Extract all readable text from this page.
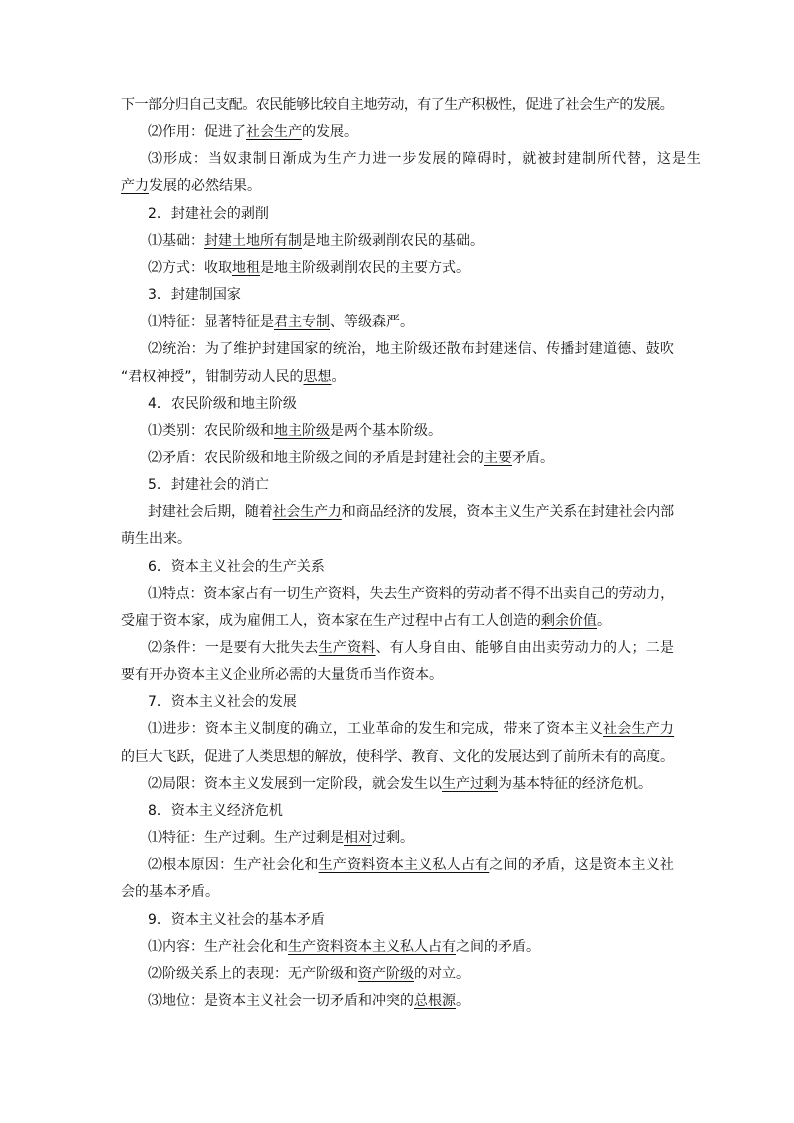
下一部分归自己支配。农民能够比较自主地劳动，有了生产积极性，促进了社会生产的发展。
⑵作用：促进了社会生产的发展。
⑶形成：当奴隶制日渐成为生产力进一步发展的障碍时，就被封建制所代替，这是生
产力发展的必然结果。
2．封建社会的剥削
⑴基础：封建土地所有制是地主阶级剥削农民的基础。
⑵方式：收取地租是地主阶级剥削农民的主要方式。
3．封建制国家
⑴特征：显著特征是君主专制、等级森严。
⑵统治：为了维护封建国家的统治，地主阶级还散布封建迷信、传播封建道德、鼓吹
“君权神授”，钳制劳动人民的思想。
4．农民阶级和地主阶级
⑴类别：农民阶级和地主阶级是两个基本阶级。
⑵矛盾：农民阶级和地主阶级之间的矛盾是封建社会的主要矛盾。
5．封建社会的消亡
封建社会后期，随着社会生产力和商品经济的发展，资本主义生产关系在封建社会内部
萌生出来。
6．资本主义社会的生产关系
⑴特点：资本家占有一切生产资料，失去生产资料的劳动者不得不出卖自己的劳动力，
受雇于资本家，成为雇佣工人，资本家在生产过程中占有工人创造的剩余价值。
⑵条件：一是要有大批失去生产资料、有人身自由、能够自由出卖劳动力的人；二是
要有开办资本主义企业所必需的大量货币当作资本。
7．资本主义社会的发展
⑴进步：资本主义制度的确立，工业革命的发生和完成，带来了资本主义社会生产力
的巨大飞跃，促进了人类思想的解放，使科学、教育、文化的发展达到了前所未有的高度。
⑵局限：资本主义发展到一定阶段，就会发生以生产过剩为基本特征的经济危机。
8．资本主义经济危机
⑴特征：生产过剩。生产过剩是相对过剩。
⑵根本原因：生产社会化和生产资料资本主义私人占有之间的矛盾，这是资本主义社
会的基本矛盾。
9．资本主义社会的基本矛盾
⑴内容：生产社会化和生产资料资本主义私人占有之间的矛盾。
⑵阶级关系上的表现：无产阶级和资产阶级的对立。
⑶地位：是资本主义社会一切矛盾和冲突的总根源。
